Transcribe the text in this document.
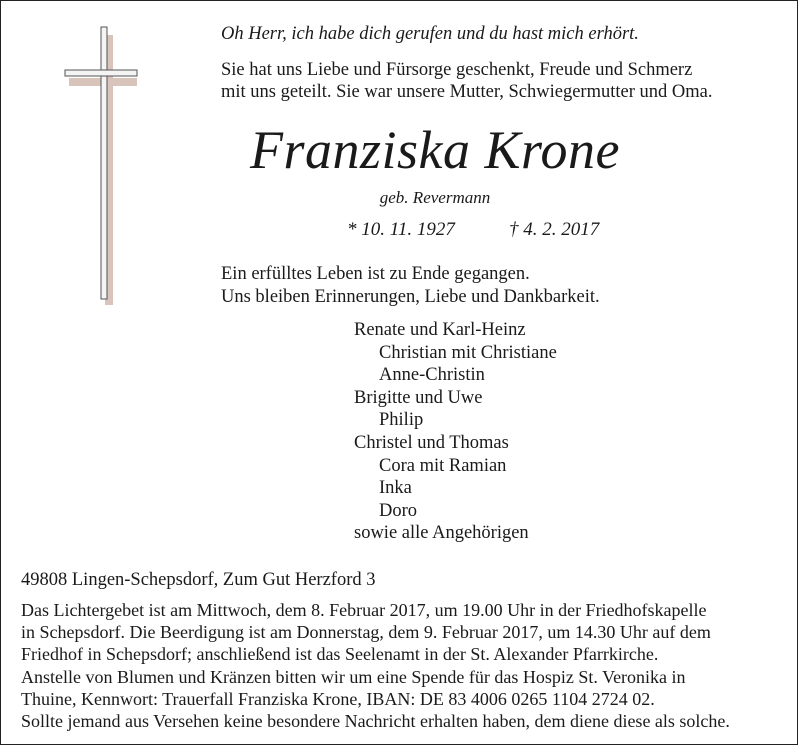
Oh Herr, ich habe dich gerufen und du hast mich erhört.
Sie hat uns Liebe und Fürsorge geschenkt, Freude und Schmerz
mit uns geteilt. Sie war unsere Mutter, Schwiegermutter und Oma.
Franziska Krone
geb. Revermann
* 10. 11. 1927	† 4. 2. 2017
Ein erfülltes Leben ist zu Ende gegangen.
Uns bleiben Erinnerungen, Liebe und Dankbarkeit.
Renate und Karl-Heinz
Christian mit Christiane
Anne-Christin
Brigitte und Uwe
Philip
Christel und Thomas
Cora mit Ramian
Inka
Doro
sowie alle Angehörigen
49808 Lingen-Schepsdorf, Zum Gut Herzford 3
Das Lichtergebet ist am Mittwoch, dem 8. Februar 2017, um 19.00 Uhr in der Friedhofskapelle
in Schepsdorf. Die Beerdigung ist am Donnerstag, dem 9. Februar 2017, um 14.30 Uhr auf dem
Friedhof in Schepsdorf; anschließend ist das Seelenamt in der St. Alexander Pfarrkirche.
Anstelle von Blumen und Kränzen bitten wir um eine Spende für das Hospiz St. Veronika in
Thuine, Kennwort: Trauerfall Franziska Krone, IBAN: DE 83 4006 0265 1104 2724 02.
Sollte jemand aus Versehen keine besondere Nachricht erhalten haben, dem diene diese als solche.
